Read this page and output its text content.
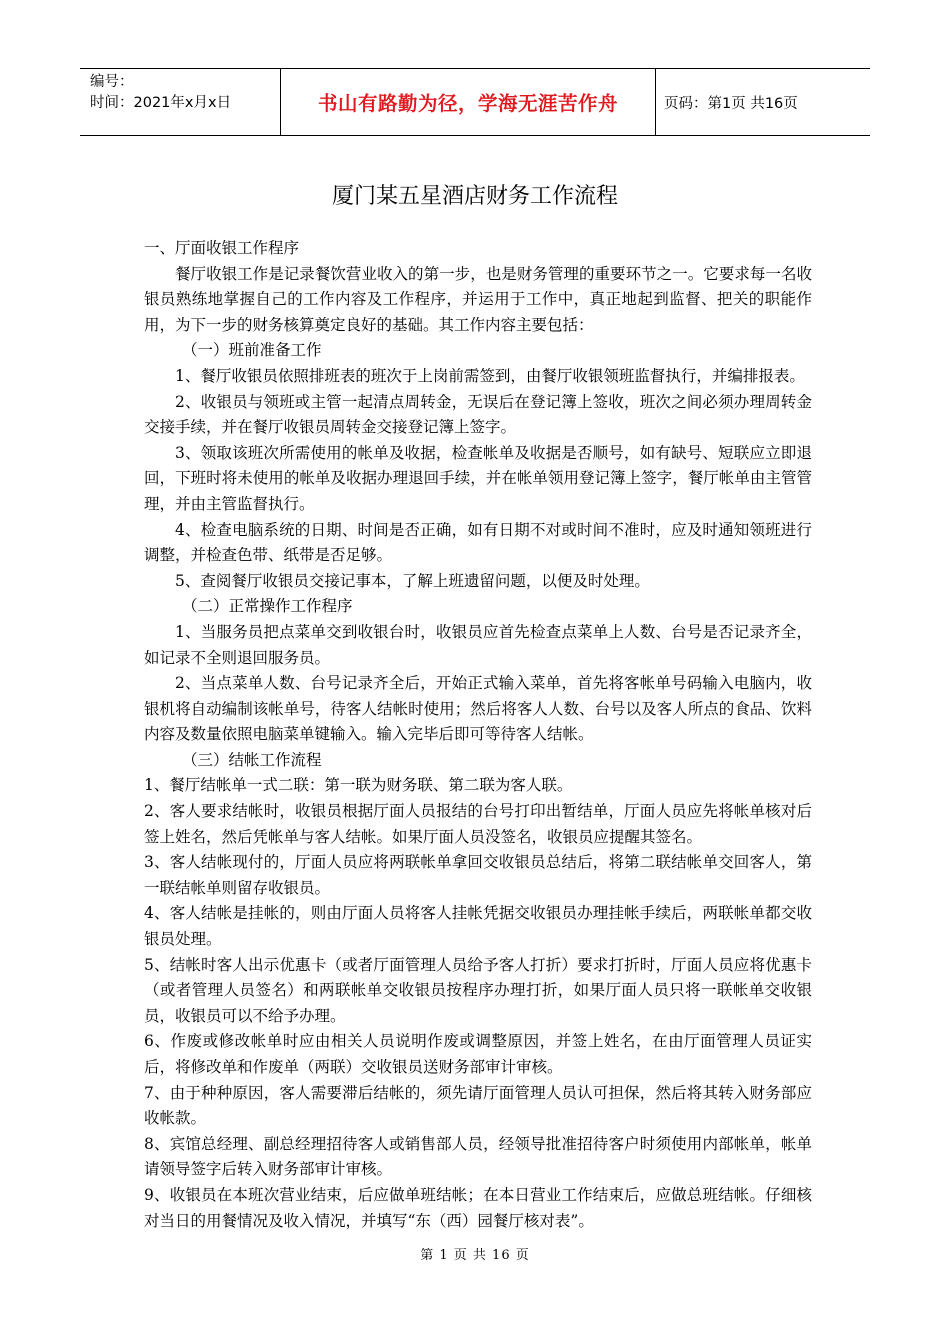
编号：
时间：2021年x月x日	书山有路勤为径，学海无涯苦作舟	页码：第1页 共16页
厦门某五星酒店财务工作流程

一、厅面收银工作程序

餐厅收银工作是记录餐饮营业收入的第一步，也是财务管理的重要环节之一。它要求每一名收银员熟练地掌握自己的工作内容及工作程序，并运用于工作中，真正地起到监督、把关的职能作用，为下一步的财务核算奠定良好的基础。其工作内容主要包括：

（一）班前准备工作

1、餐厅收银员依照排班表的班次于上岗前需签到，由餐厅收银领班监督执行，并编排报表。

2、收银员与领班或主管一起清点周转金，无误后在登记簿上签收，班次之间必须办理周转金交接手续，并在餐厅收银员周转金交接登记簿上签字。

3、领取该班次所需使用的帐单及收据，检查帐单及收据是否顺号，如有缺号、短联应立即退回，下班时将未使用的帐单及收据办理退回手续，并在帐单领用登记簿上签字，餐厅帐单由主管管理，并由主管监督执行。

4、检查电脑系统的日期、时间是否正确，如有日期不对或时间不准时，应及时通知领班进行调整，并检查色带、纸带是否足够。

5、查阅餐厅收银员交接记事本，了解上班遗留问题，以便及时处理。

（二）正常操作工作程序

1、当服务员把点菜单交到收银台时，收银员应首先检查点菜单上人数、台号是否记录齐全，如记录不全则退回服务员。

2、当点菜单人数、台号记录齐全后，开始正式输入菜单，首先将客帐单号码输入电脑内，收银机将自动编制该帐单号，待客人结帐时使用；然后将客人人数、台号以及客人所点的食品、饮料内容及数量依照电脑菜单键输入。输入完毕后即可等待客人结帐。

（三）结帐工作流程

1、餐厅结帐单一式二联：第一联为财务联、第二联为客人联。

2、客人要求结帐时，收银员根据厅面人员报结的台号打印出暂结单，厅面人员应先将帐单核对后签上姓名，然后凭帐单与客人结帐。如果厅面人员没签名，收银员应提醒其签名。

3、客人结帐现付的，厅面人员应将两联帐单拿回交收银员总结后，将第二联结帐单交回客人，第一联结帐单则留存收银员。

4、客人结帐是挂帐的，则由厅面人员将客人挂帐凭据交收银员办理挂帐手续后，两联帐单都交收银员处理。

5、结帐时客人出示优惠卡（或者厅面管理人员给予客人打折）要求打折时，厅面人员应将优惠卡（或者管理人员签名）和两联帐单交收银员按程序办理打折，如果厅面人员只将一联帐单交收银员，收银员可以不给予办理。

6、作废或修改帐单时应由相关人员说明作废或调整原因，并签上姓名，在由厅面管理人员证实后，将修改单和作废单（两联）交收银员送财务部审计审核。

7、由于种种原因，客人需要滞后结帐的，须先请厅面管理人员认可担保，然后将其转入财务部应收帐款。

8、宾馆总经理、副总经理招待客人或销售部人员，经领导批准招待客户时须使用内部帐单，帐单请领导签字后转入财务部审计审核。

9、收银员在本班次营业结束，后应做单班结帐；在本日营业工作结束后，应做总班结帐。仔细核对当日的用餐情况及收入情况，并填写“东（西）园餐厅核对表”。

第 1 页 共 16 页
